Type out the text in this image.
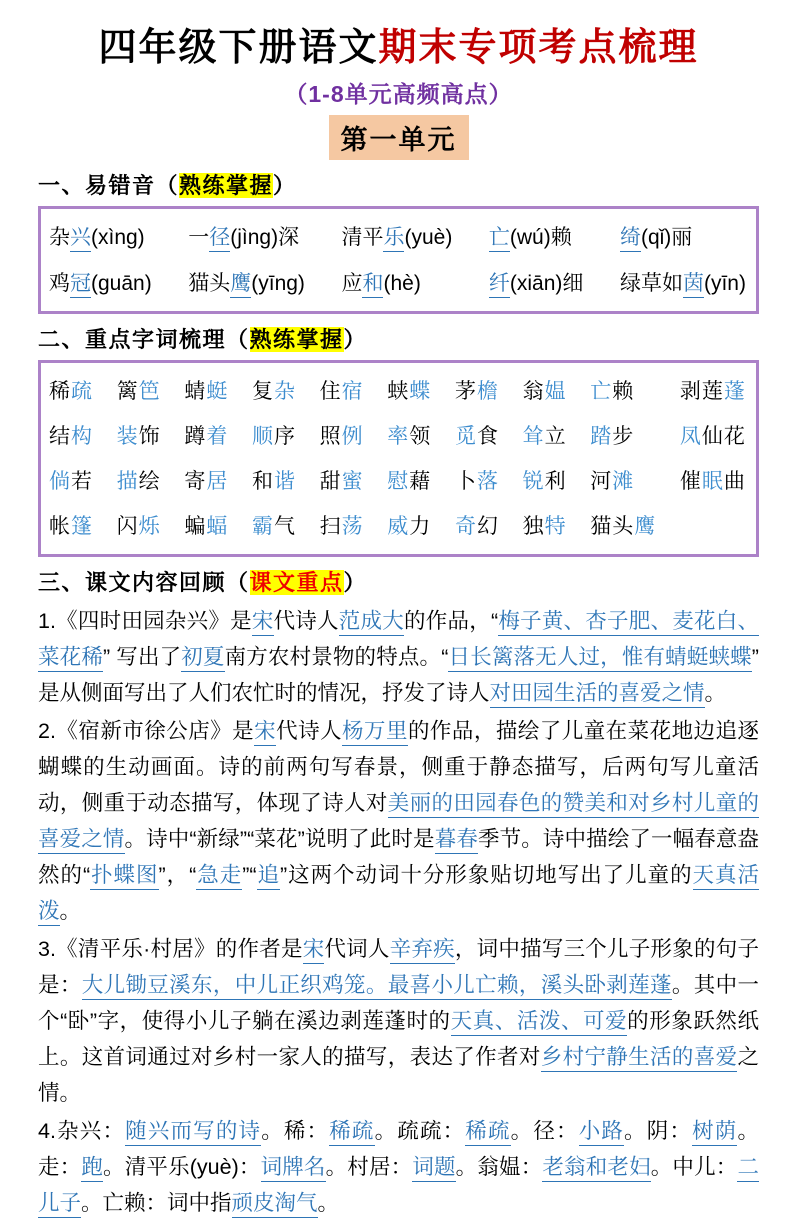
四年级下册语文期末专项考点梳理
（1-8单元高频高点）
第一单元
一、易错音（熟练掌握）
杂兴(xìng)	一径(jìng)深 清平乐(yuè) 亡(wú)赖	绮(qǐ)丽
鸡冠(guān) 猫头鹰(yīng) 应和(hè)	纤(xiān)细 绿草如茵(yīn)
二、重点字词梳理（熟练掌握）
稀疏 篱笆 蜻蜓 复杂 住宿 蛱蝶 茅檐 翁媪 亡赖	剥莲蓬
结构 装饰 蹲着 顺序 照例 率领 觅食 耸立 踏步	凤仙花
倘若 描绘 寄居 和谐 甜蜜 慰藉 卜落 锐利 河滩	催眠曲
帐篷 闪烁 蝙蝠 霸气 扫荡 威力 奇幻 独特 猫头鹰
三、课文内容回顾（课文重点）
1.《四时田园杂兴》是宋代诗人范成大的作品，“梅子黄、杏子肥、麦花白、菜花稀” 写出了初夏南方农村景物的特点。“日长篱落无人过，惟有蜻蜓蛱蝶” 是从侧面写出了人们农忙时的情况，抒发了诗人对田园生活的喜爱之情。
2.《宿新市徐公店》是宋代诗人杨万里的作品，描绘了儿童在菜花地边追逐蝴蝶的生动画面。诗的前两句写春景，侧重于静态描写，后两句写儿童活动，侧重于动态描写，体现了诗人对美丽的田园春色的赞美和对乡村儿童的喜爱之情。诗中“新绿”“菜花”说明了此时是暮春季节。诗中描绘了一幅春意盎然的“扑蝶图”，“急走”“追”这两个动词十分形象贴切地写出了儿童的天真活泼。
3.《清平乐·村居》的作者是宋代词人辛弃疾，词中描写三个儿子形象的句子是：大儿锄豆溪东，中儿正织鸡笼。最喜小儿亡赖，溪头卧剥莲蓬。其中一个“卧”字，使得小儿子躺在溪边剥莲蓬时的天真、活泼、可爱的形象跃然纸上。这首词通过对乡村一家人的描写，表达了作者对乡村宁静生活的喜爱之情。
4.杂兴：随兴而写的诗。稀：稀疏。疏疏：稀疏。径：小路。阴：树荫。走：跑。清平乐(yuè)：词牌名。村居：词题。翁媪：老翁和老妇。中儿：二儿子。亡赖：词中指顽皮淘气。
